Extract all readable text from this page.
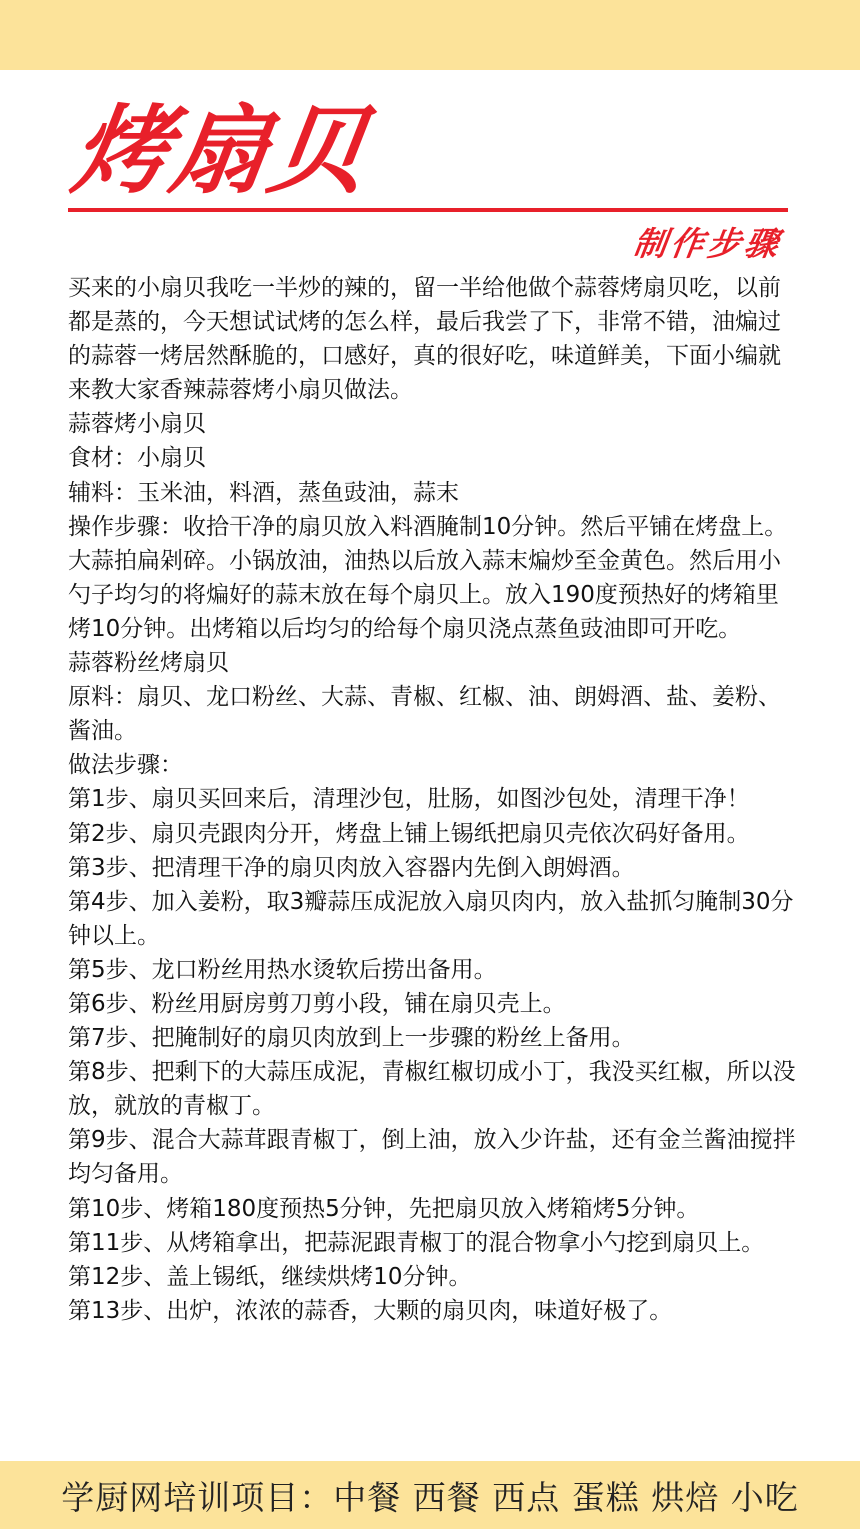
烤扇贝
制作步骤

买来的小扇贝我吃一半炒的辣的，留一半给他做个蒜蓉烤扇贝吃，以前都是蒸的，今天想试试烤的怎么样，最后我尝了下，非常不错，油煸过的蒜蓉一烤居然酥脆的，口感好，真的很好吃，味道鲜美，下面小编就来教大家香辣蒜蓉烤小扇贝做法。

蒜蓉烤小扇贝

食材：小扇贝

辅料：玉米油，料酒，蒸鱼豉油，蒜末

操作步骤：收拾干净的扇贝放入料酒腌制10分钟。然后平铺在烤盘上。大蒜拍扁剁碎。小锅放油，油热以后放入蒜末煸炒至金黄色。然后用小勺子均匀的将煸好的蒜末放在每个扇贝上。放入190度预热好的烤箱里烤10分钟。出烤箱以后均匀的给每个扇贝浇点蒸鱼豉油即可开吃。

蒜蓉粉丝烤扇贝

原料：扇贝、龙口粉丝、大蒜、青椒、红椒、油、朗姆酒、盐、姜粉、酱油。

做法步骤：

第1步、扇贝买回来后，清理沙包，肚肠，如图沙包处，清理干净！

第2步、扇贝壳跟肉分开，烤盘上铺上锡纸把扇贝壳依次码好备用。

第3步、把清理干净的扇贝肉放入容器内先倒入朗姆酒。

第4步、加入姜粉，取3瓣蒜压成泥放入扇贝肉内，放入盐抓匀腌制30分钟以上。

第5步、龙口粉丝用热水烫软后捞出备用。

第6步、粉丝用厨房剪刀剪小段，铺在扇贝壳上。

第7步、把腌制好的扇贝肉放到上一步骤的粉丝上备用。

第8步、把剩下的大蒜压成泥，青椒红椒切成小丁，我没买红椒，所以没放，就放的青椒丁。

第9步、混合大蒜茸跟青椒丁，倒上油，放入少许盐，还有金兰酱油搅拌均匀备用。

第10步、烤箱180度预热5分钟，先把扇贝放入烤箱烤5分钟。

第11步、从烤箱拿出，把蒜泥跟青椒丁的混合物拿小勺挖到扇贝上。

第12步、盖上锡纸，继续烘烤10分钟。

第13步、出炉，浓浓的蒜香，大颗的扇贝肉，味道好极了。

学厨网培训项目：中餐 西餐 西点 蛋糕 烘焙 小吃
